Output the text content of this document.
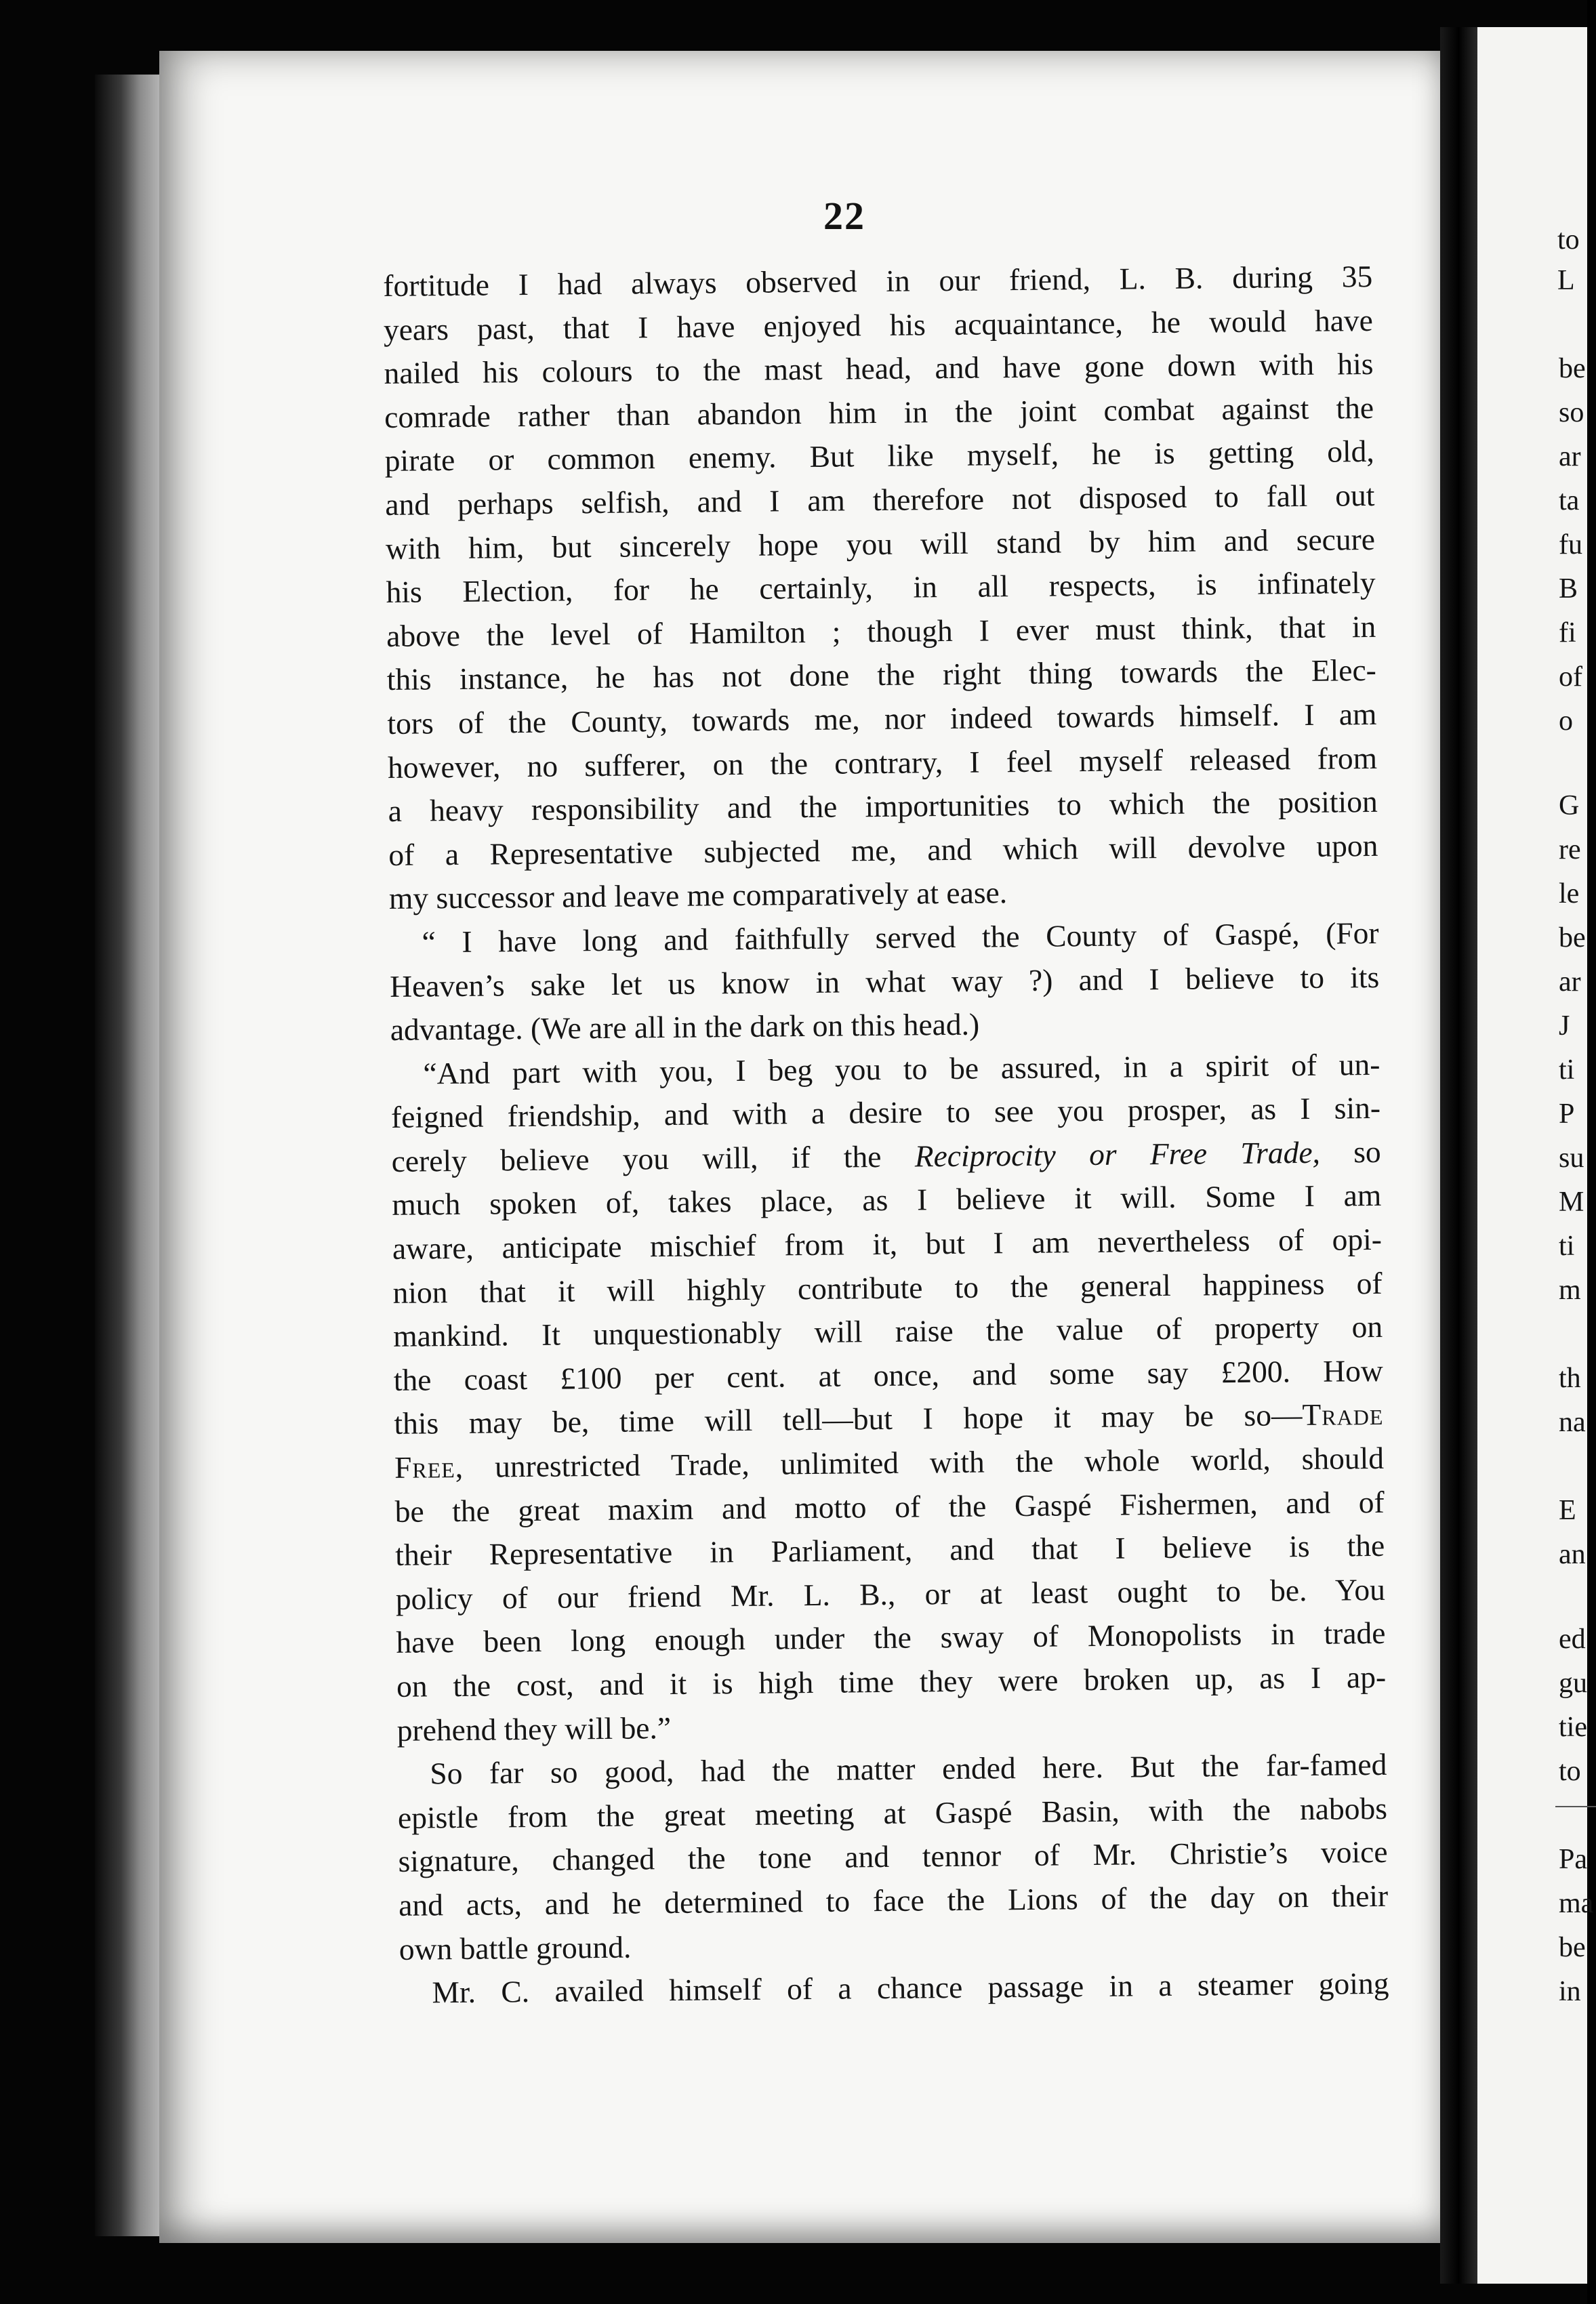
to
L
be
so
ar
ta
fu
B
fi
of
o
G
re
le
be
ar
J
ti
P
su
M
ti
m
th
na
E
an
ed
gu
tie
to
Pa
ma
be
in
22
fortitude I had always observed in our friend, L. B. during 35
years past, that I have enjoyed his acquaintance, he would have
nailed his colours to the mast head, and have gone down with his
comrade rather than abandon him in the joint combat against the
pirate or common enemy. But like myself, he is getting old,
and perhaps selfish, and I am therefore not disposed to fall out
with him, but sincerely hope you will stand by him and secure
his Election, for he certainly, in all respects, is infinately
above the level of Hamilton ; though I ever must think, that in
this instance, he has not done the right thing towards the Elec-
tors of the County, towards me, nor indeed towards himself. I am
however, no sufferer, on the contrary, I feel myself released from
a heavy responsibility and the importunities to which the position
of a Representative subjected me, and which will devolve upon
my successor and leave me comparatively at ease.
“ I have long and faithfully served the County of Gaspé, (For
Heaven’s sake let us know in what way ?) and I believe to its
advantage. (We are all in the dark on this head.)
“And part with you, I beg you to be assured, in a spirit of un-
feigned friendship, and with a desire to see you prosper, as I sin-
cerely believe you will, if the Reciprocity or Free Trade, so
much spoken of, takes place, as I believe it will. Some I am
aware, anticipate mischief from it, but I am nevertheless of opi-
nion that it will highly contribute to the general happiness of
mankind. It unquestionably will raise the value of property on
the coast £100 per cent. at once, and some say £200. How
this may be, time will tell—but I hope it may be so—Trade
Free, unrestricted Trade, unlimited with the whole world, should
be the great maxim and motto of the Gaspé Fishermen, and of
their Representative in Parliament, and that I believe is the
policy of our friend Mr. L. B., or at least ought to be. You
have been long enough under the sway of Monopolists in trade
on the cost, and it is high time they were broken up, as I ap-
prehend they will be.”
So far so good, had the matter ended here. But the far-famed
epistle from the great meeting at Gaspé Basin, with the nabobs
signature, changed the tone and tennor of Mr. Christie’s voice
and acts, and he determined to face the Lions of the day on their
own battle ground.
Mr. C. availed himself of a chance passage in a steamer going
